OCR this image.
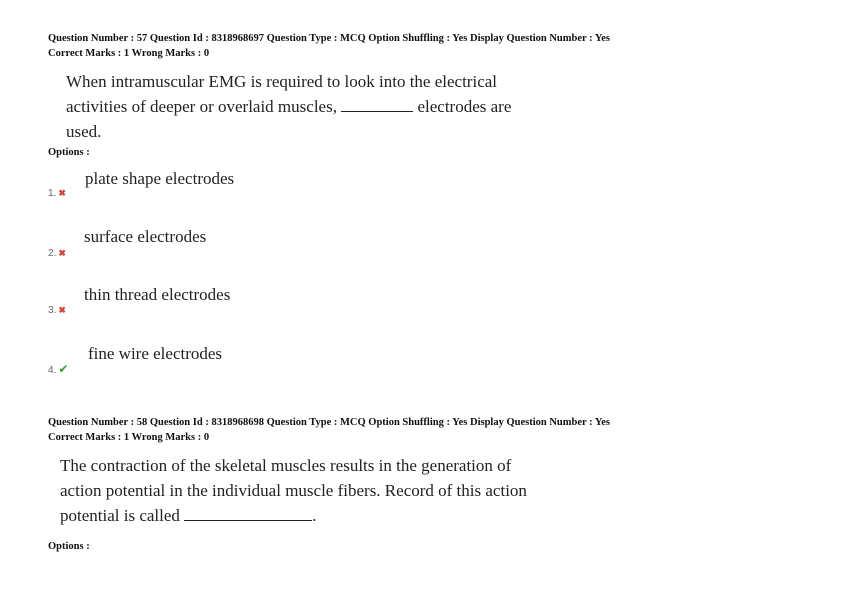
Question Number : 57 Question Id : 8318968697 Question Type : MCQ Option Shuffling : Yes Display Question Number : Yes
Correct Marks : 1 Wrong Marks : 0
When intramuscular EMG is required to look into the electrical
activities of deeper or overlaid muscles,	electrodes are
used.
Options :
plate shape electrodes
1. ✖
surface electrodes
2. ✖
thin thread electrodes
3. ✖
fine wire electrodes
4. ✔
Question Number : 58 Question Id : 8318968698 Question Type : MCQ Option Shuffling : Yes Display Question Number : Yes
Correct Marks : 1 Wrong Marks : 0
The contraction of the skeletal muscles results in the generation of
action potential in the individual muscle fibers. Record of this action
potential is called	.
Options :
